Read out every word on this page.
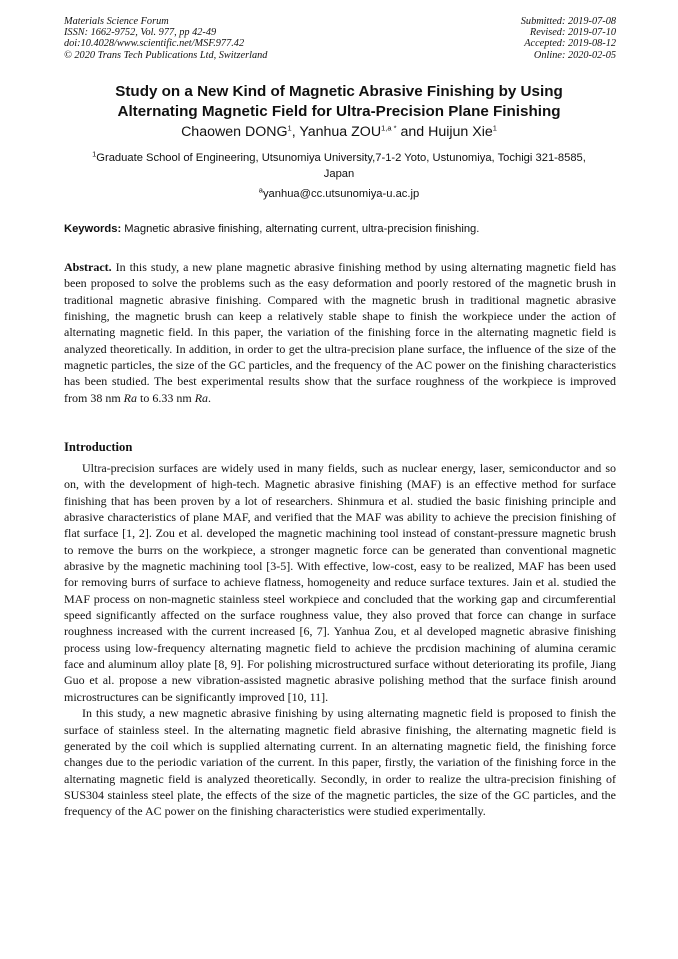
Materials Science Forum
ISSN: 1662-9752, Vol. 977, pp 42-49
doi:10.4028/www.scientific.net/MSF.977.42
© 2020 Trans Tech Publications Ltd, Switzerland
Submitted: 2019-07-08
Revised: 2019-07-10
Accepted: 2019-08-12
Online: 2020-02-05
Study on a New Kind of Magnetic Abrasive Finishing by Using
Alternating Magnetic Field for Ultra-Precision Plane Finishing
Chaowen DONG$^1$, Yanhua $ZOU^{1,a *}$ and Huijun Xie$^1$
$^1$Graduate School of Engineering, Utsunomiya University,7-1-2 Yoto, Ustunomiya, Tochigi 321-8585, Japan
$^a$yanhua@cc.utsunomiya-u.ac.jp
Keywords: Magnetic abrasive finishing, alternating current, ultra-precision finishing.
Abstract. In this study, a new plane magnetic abrasive finishing method by using alternating magnetic field has been proposed to solve the problems such as the easy deformation and poorly restored of the magnetic brush in traditional magnetic abrasive finishing. Compared with the magnetic brush in traditional magnetic abrasive finishing, the magnetic brush can keep a relatively stable shape to finish the workpiece under the action of alternating magnetic field. In this paper, the variation of the finishing force in the alternating magnetic field is analyzed theoretically. In addition, in order to get the ultra-precision plane surface, the influence of the size of the magnetic particles, the size of the GC particles, and the frequency of the AC power on the finishing characteristics has been studied. The best experimental results show that the surface roughness of the workpiece is improved from 38 nm Ra to 6.33 nm Ra.
Introduction

Ultra-precision surfaces are widely used in many fields, such as nuclear energy, laser, semiconductor and so on, with the development of high-tech. Magnetic abrasive finishing (MAF) is an effective method for surface finishing that has been proven by a lot of researchers. Shinmura et al. studied the basic finishing principle and abrasive characteristics of plane MAF, and verified that the MAF was ability to achieve the precision finishing of flat surface [1, 2]. Zou et al. developed the magnetic machining tool instead of constant-pressure magnetic brush to remove the burrs on the workpiece, a stronger magnetic force can be generated than conventional magnetic abrasive by the magnetic machining tool [3-5]. With effective, low-cost, easy to be realized, MAF has been used for removing burrs of surface to achieve flatness, homogeneity and reduce surface textures. Jain et al. studied the MAF process on non-magnetic stainless steel workpiece and concluded that the working gap and circumferential speed significantly affected on the surface roughness value, they also proved that force can change in surface roughness increased with the current increased [6, 7]. Yanhua Zou, et al developed magnetic abrasive finishing process using low-frequency alternating magnetic field to achieve the prcdision machining of alumina ceramic face and aluminum alloy plate [8, 9]. For polishing microstructured surface without deteriorating its profile, Jiang Guo et al. propose a new vibration-assisted magnetic abrasive polishing method that the surface finish around microstructures can be significantly improved [10, 11].

In this study, a new magnetic abrasive finishing by using alternating magnetic field is proposed to finish the surface of stainless steel. In the alternating magnetic field abrasive finishing, the alternating magnetic field is generated by the coil which is supplied alternating current. In an alternating magnetic field, the finishing force changes due to the periodic variation of the current. In this paper, firstly, the variation of the finishing force in the alternating magnetic field is analyzed theoretically. Secondly, in order to realize the ultra-precision finishing of SUS304 stainless steel plate, the effects of the size of the magnetic particles, the size of the GC particles, and the frequency of the AC power on the finishing characteristics were studied experimentally.
